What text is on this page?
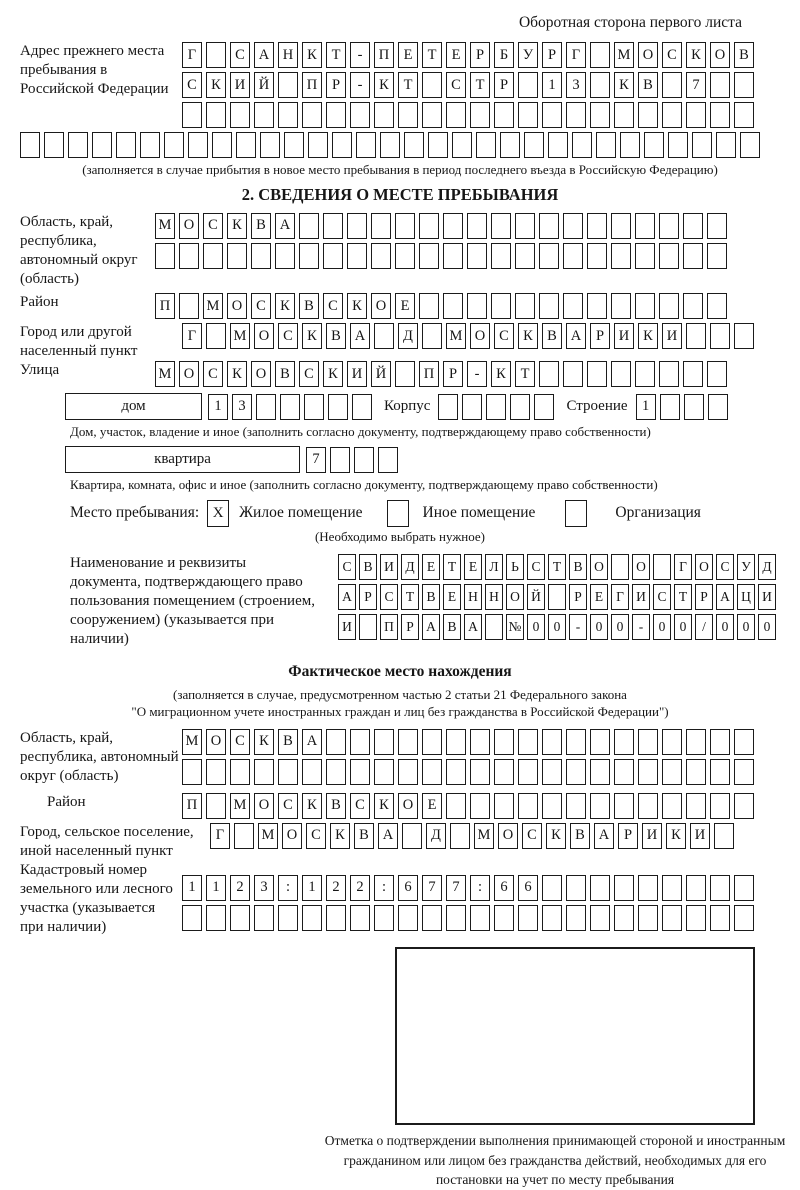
Оборотная сторона первого листа
Адрес прежнего места пребывания в Российской Федерации
Г	С А Н К	Т	-	П Е	Т	Е	Р	Б	У	Р	Г	М О С К О В
С К И Й	П	Р	-	К	Т	С	Т	Р	1	3	К В	7
(заполняется в случае прибытия в новое место пребывания в период последнего въезда в Российскую Федерацию)
2. СВЕДЕНИЯ О МЕСТЕ ПРЕБЫВАНИЯ
Область, край, республика, автономный округ (область)
М О С К В А
Район	П	М О С К В С К О Е
Город или другой населенный пункт
Г	М О С К В А	Д	М О С К В А	Р	И К И
Улица	М О С К О В С К И Й	П	Р	-	К	Т
дом	1	3	Корпус	Строение 1
Дом, участок, владение и иное (заполнить согласно документу, подтверждающему право собственности)
квартира	7
Квартира, комната, офис и иное (заполнить согласно документу, подтверждающему право собственности)
Место пребывания: X	Жилое помещение	Иное помещение	Организация
(Необходимо выбрать нужное)
Наименование и реквизиты документа, подтверждающего право пользования помещением (строением, сооружением) (указывается при наличии)
С В И Д Е Т Е Л Ь С Т В О	О	Г О С У Д
А Р С Т В Е Н Н О Й	Р Е Г И С Т Р А Ц И
И	П Р А В А	№ 0	0	-	0	0	-	0	0	/	0	0	0
Фактическое место нахождения
(заполняется в случае, предусмотренном частью 2 статьи 21 Федерального закона
"О миграционном учете иностранных граждан и лиц без гражданства в Российской Федерации")
Область, край, республика, автономный округ (область)
М О С К В А
Район	П	М О С К В С К О Е
Город, сельское поселение, иной населенный пункт
Г	М О С К В А	Д	М О С К В А	Р	И К И
Кадастровый номер земельного или лесного участка (указывается при наличии)
1	1	2	3	:	1	2	2	:	6	7	7	:	6	6
Отметка о подтверждении выполнения принимающей стороной и иностранным гражданином или лицом без гражданства действий, необходимых для его постановки на учет по месту пребывания
